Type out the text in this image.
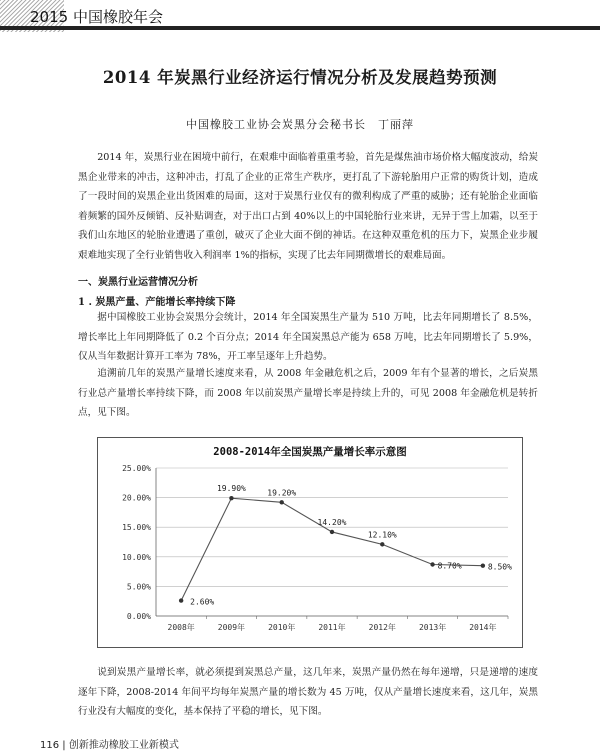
2015 中国橡胶年会
2014 年炭黑行业经济运行情况分析及发展趋势预测
中国橡胶工业协会炭黑分会秘书长　丁丽萍

2014 年，炭黑行业在困境中前行，在艰难中面临着重重考验，首先是煤焦油市场价格大幅度波动，给炭黑企业带来的冲击，这种冲击，打乱了企业的正常生产秩序，更打乱了下游轮胎用户正常的购货计划，造成了一段时间的炭黑企业出货困难的局面，这对于炭黑行业仅有的微利构成了严重的威胁；还有轮胎企业面临着频繁的国外反倾销、反补贴调查，对于出口占到 40%以上的中国轮胎行业来讲，无异于雪上加霜，以至于我们山东地区的轮胎业遭遇了重创，破灭了企业大面不倒的神话。在这种双重危机的压力下，炭黑企业步履艰难地实现了全行业销售收入利润率 1%的指标，实现了比去年同期微增长的艰难局面。

一、炭黑行业运营情况分析
1 . 炭黑产量、产能增长率持续下降

据中国橡胶工业协会炭黑分会统计，2014 年全国炭黑生产量为 510 万吨，比去年同期增长了 8.5%，增长率比上年同期降低了 0.2 个百分点；2014 年全国炭黑总产能为 658 万吨，比去年同期增长了 5.9%，仅从当年数据计算开工率为 78%，开工率呈逐年上升趋势。

追溯前几年的炭黑产量增长速度来看，从 2008 年金融危机之后，2009 年有个显著的增长，之后炭黑行业总产量增长率持续下降，而 2008 年以前炭黑产量增长率是持续上升的，可见 2008 年金融危机是转折点，见下图。

2008-2014年全国炭黑产量增长率示意图
0.00%
5.00%
10.00%
15.00%
20.00%
25.00%
2008年	2009年	2010年	2011年	2012年	2013年	2014年
2.60%
19.90%	19.20%
14.20%
12.10%
8.70%	8.50%

说到炭黑产量增长率，就必须提到炭黑总产量，这几年来，炭黑产量仍然在每年递增，只是递增的速度逐年下降，2008-2014 年间平均每年炭黑产量的增长数为 45 万吨，仅从产量增长速度来看，这几年，炭黑行业没有大幅度的变化，基本保持了平稳的增长，见下图。

116 | 创新推动橡胶工业新模式
